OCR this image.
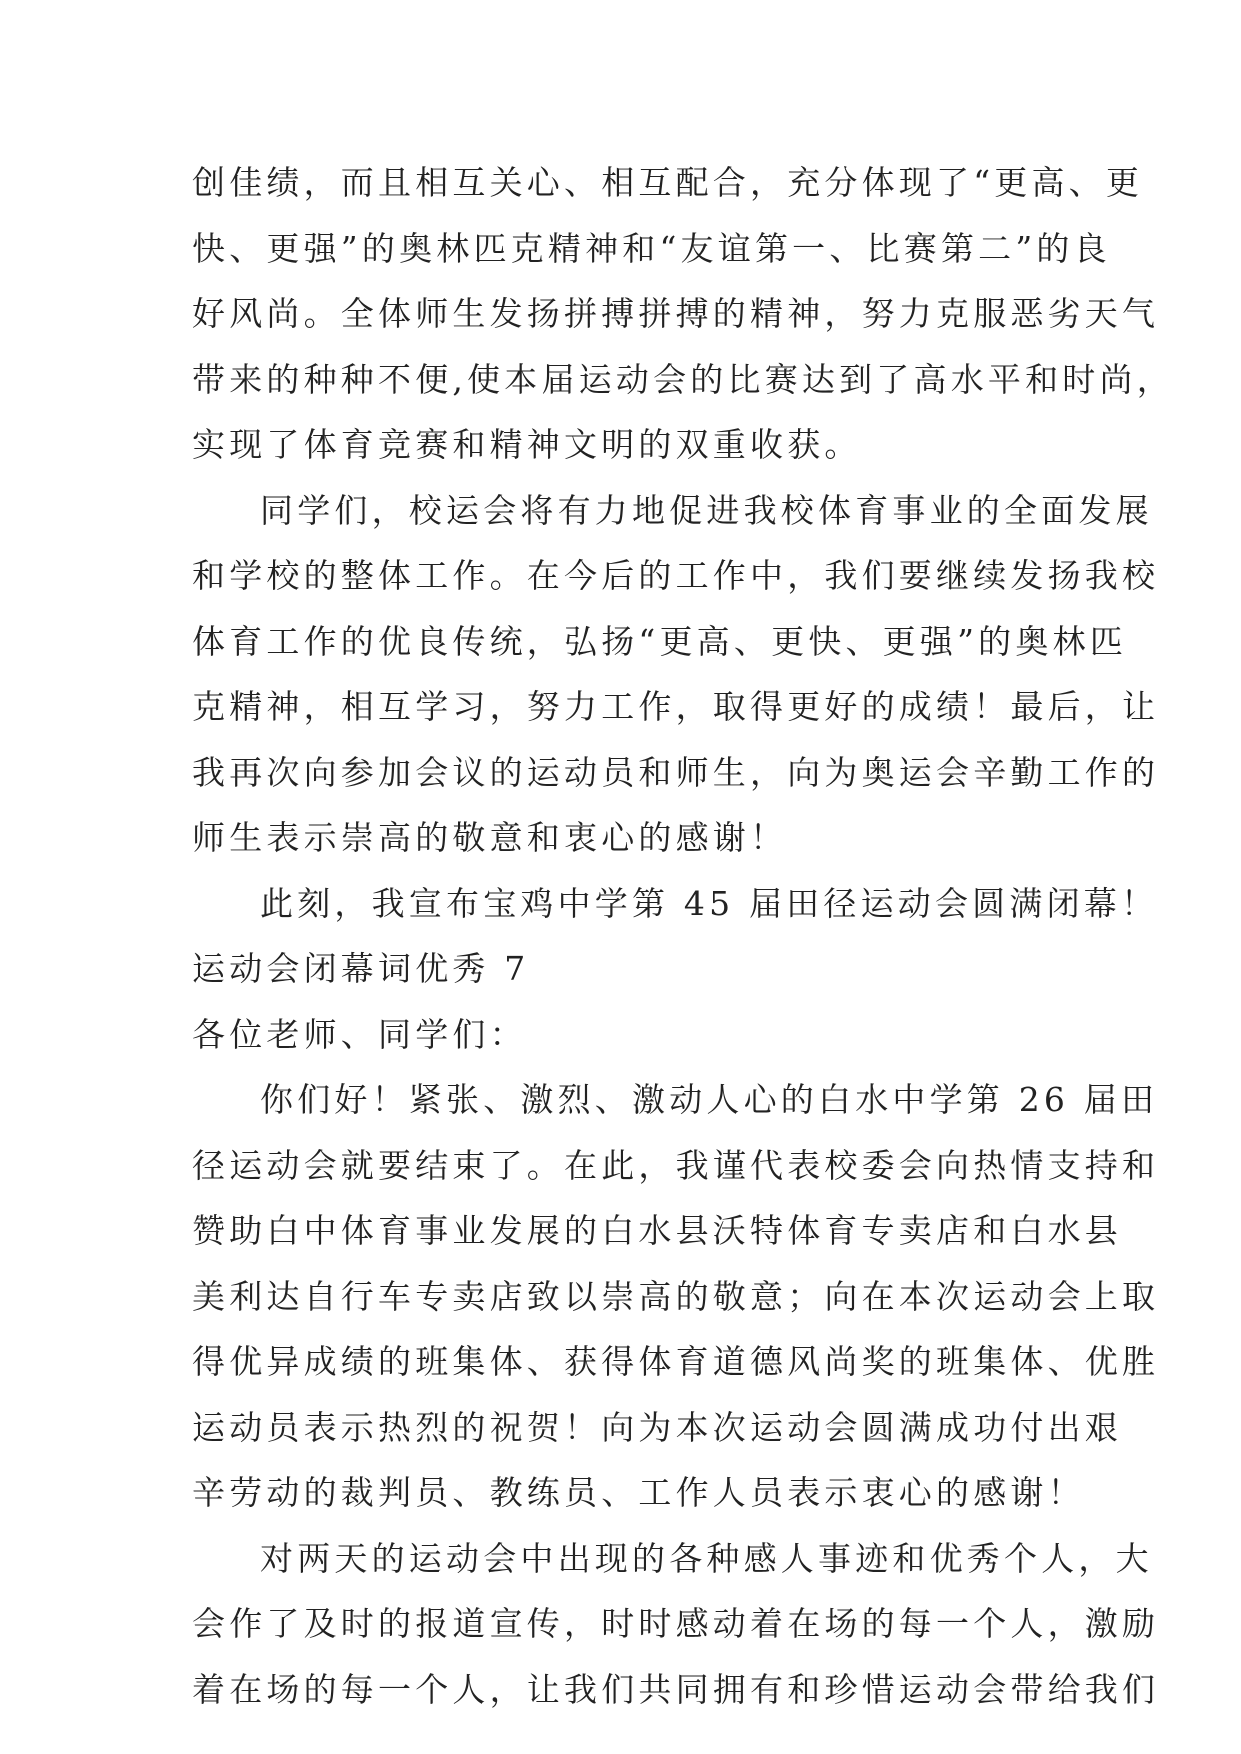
创佳绩，而且相互关心、相互配合，充分体现了“更高、更
快、更强”的奥林匹克精神和“友谊第一、比赛第二”的良
好风尚。全体师生发扬拼搏拼搏的精神，努力克服恶劣天气
带来的种种不便,使本届运动会的比赛达到了高水平和时尚，
实现了体育竞赛和精神文明的双重收获。
同学们，校运会将有力地促进我校体育事业的全面发展
和学校的整体工作。在今后的工作中，我们要继续发扬我校
体育工作的优良传统，弘扬“更高、更快、更强”的奥林匹
克精神，相互学习，努力工作，取得更好的成绩！最后，让
我再次向参加会议的运动员和师生，向为奥运会辛勤工作的
师生表示崇高的敬意和衷心的感谢！
此刻，我宣布宝鸡中学第 45 届田径运动会圆满闭幕！
运动会闭幕词优秀 7
各位老师、同学们：
你们好！紧张、激烈、激动人心的白水中学第 26 届田
径运动会就要结束了。在此，我谨代表校委会向热情支持和
赞助白中体育事业发展的白水县沃特体育专卖店和白水县
美利达自行车专卖店致以崇高的敬意；向在本次运动会上取
得优异成绩的班集体、获得体育道德风尚奖的班集体、优胜
运动员表示热烈的祝贺！向为本次运动会圆满成功付出艰
辛劳动的裁判员、教练员、工作人员表示衷心的感谢！
对两天的运动会中出现的各种感人事迹和优秀个人，大
会作了及时的报道宣传，时时感动着在场的每一个人，激励
着在场的每一个人，让我们共同拥有和珍惜运动会带给我们
